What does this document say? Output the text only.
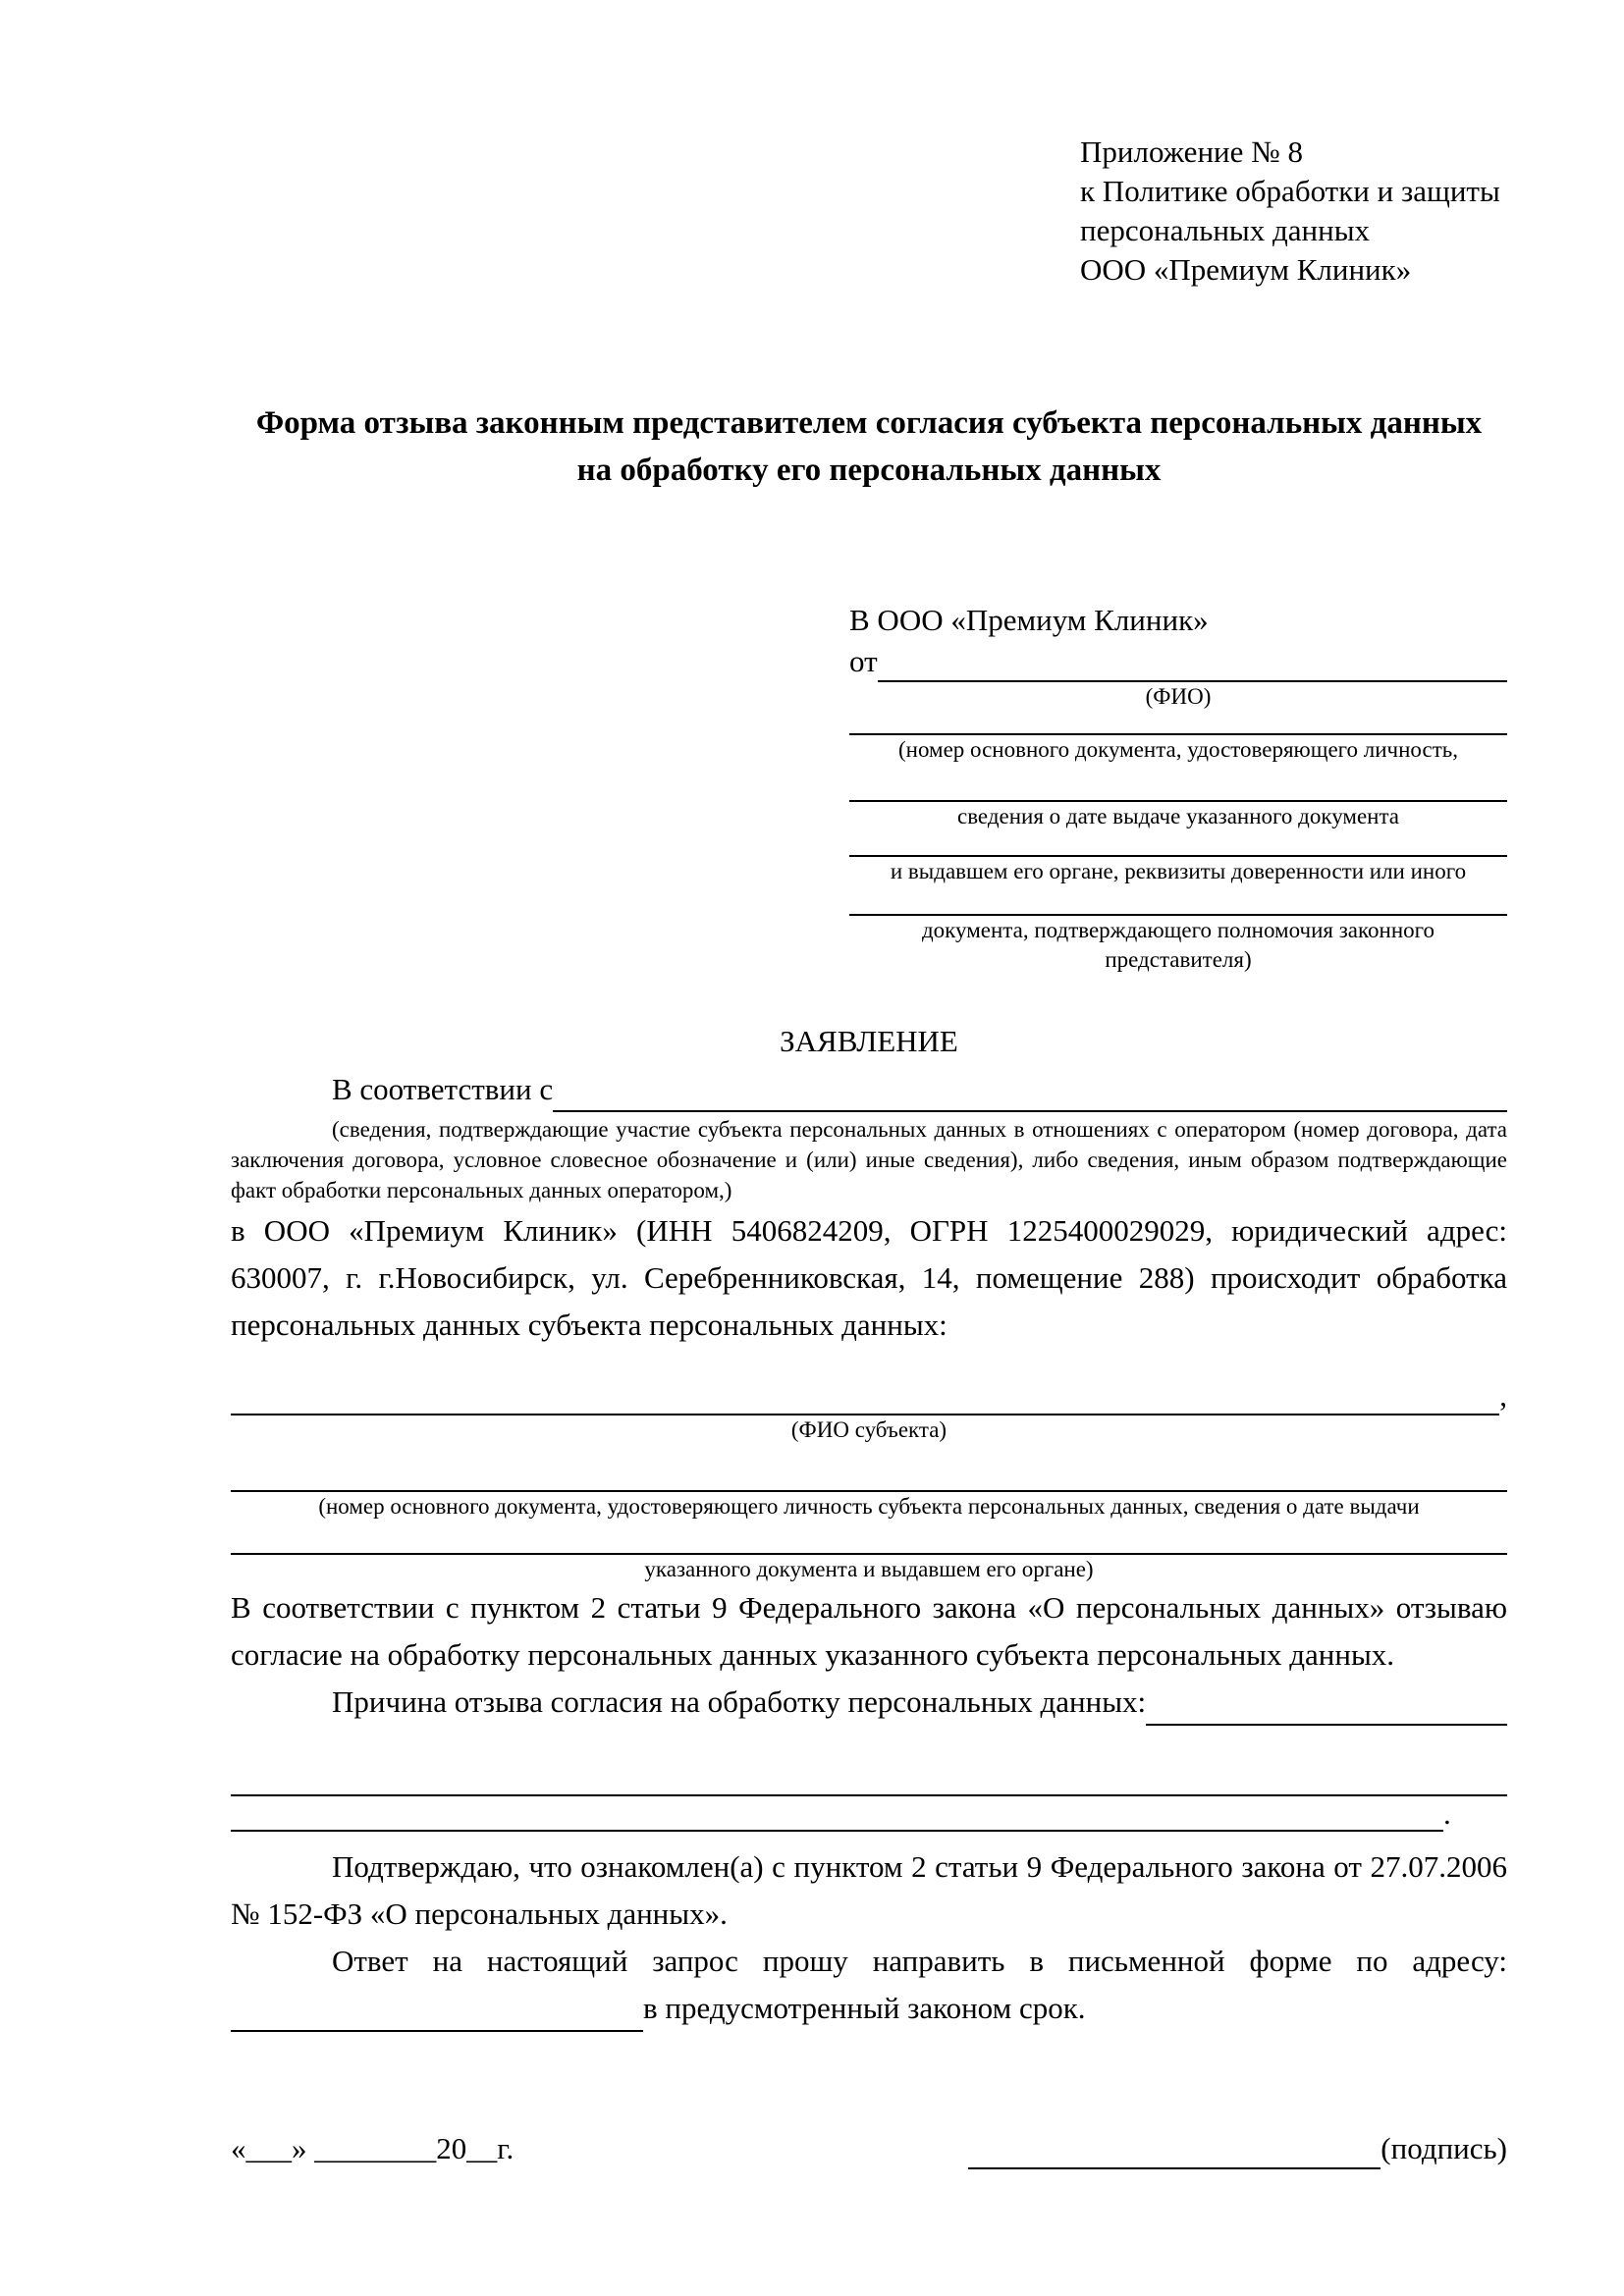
Приложение № 8
к Политике обработки и защиты
персональных данных
ООО «Премиум Клиник»
Форма отзыва законным представителем согласия субъекта персональных данных на обработку его персональных данных
В ООО «Премиум Клиник»
от
(ФИО)
(номер основного документа, удостоверяющего личность,
сведения о дате выдаче указанного документа
и выдавшем его органе, реквизиты доверенности или иного
документа, подтверждающего полномочия законного представителя)
ЗАЯВЛЕНИЕ
В соответствии с
(сведения, подтверждающие участие субъекта персональных данных в отношениях с оператором (номер договора, дата заключения договора, условное словесное обозначение и (или) иные сведения), либо сведения, иным образом подтверждающие факт обработки персональных данных оператором,)

в ООО «Премиум Клиник» (ИНН 5406824209, ОГРН 1225400029029, юридический адрес: 630007, г. г.Новосибирск, ул. Серебренниковская, 14, помещение 288) происходит обработка персональных данных субъекта персональных данных:

,
(ФИО субъекта)
(номер основного документа, удостоверяющего личность субъекта персональных данных, сведения о дате выдачи
указанного документа и выдавшем его органе)

В соответствии с пунктом 2 статьи 9 Федерального закона «О персональных данных» отзываю согласие на обработку персональных данных указанного субъекта персональных данных.

Причина отзыва согласия на обработку персональных данных:
.

Подтверждаю, что ознакомлен(а) с пунктом 2 статьи 9 Федерального закона от 27.07.2006 № 152-ФЗ «О персональных данных».

Ответ на настоящий запрос прошу направить в письменной форме по адресу:

в предусмотренный законом срок.
«___» ________20__г.	(подпись)
